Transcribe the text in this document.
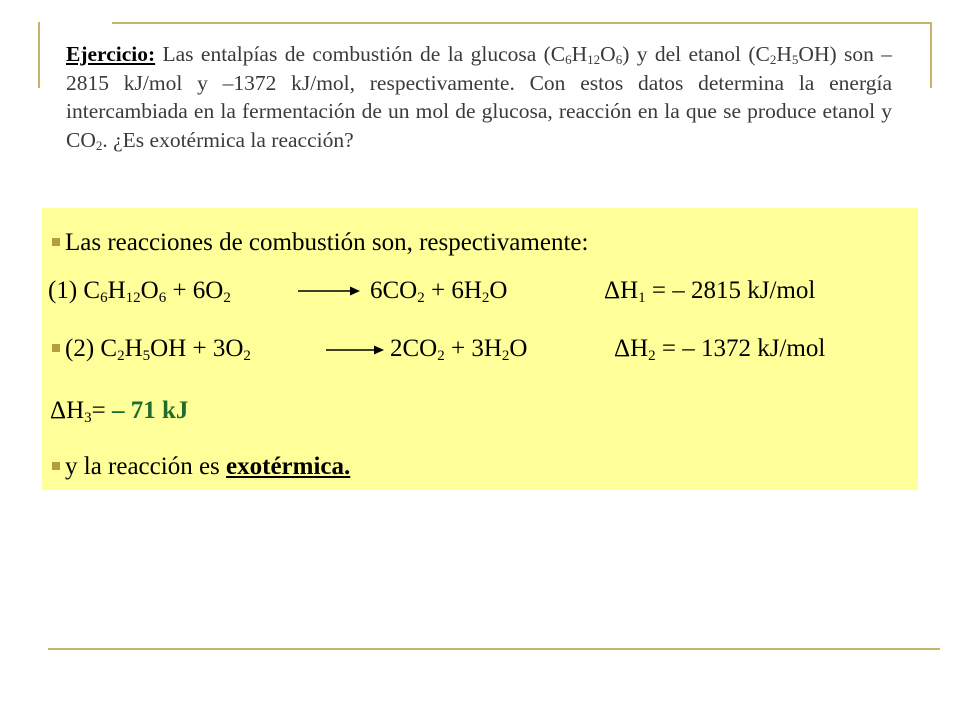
Ejercicio: Las entalpías de combustión de la glucosa $(C_6H_{12}O_6)$ y del etanol $(C_2H_5OH)$ son –2815 kJ/mol y –1372 kJ/mol, respectivamente. Con estos datos determina la energía intercambiada en la fermentación de un mol de glucosa, reacción en la que se produce etanol y $CO_2$. ¿Es exotérmica la reacción?
Las reacciones de combustión son, respectivamente:
(1) $C_6H_{12}O_6 + 6O_2$	→ $6CO_2 + 6H_2O$	$\Delta H_1$ = – 2815 kJ/mol
(2) $C_2H_5OH + 3O_2$	→ $2CO_2 + 3H_2O$	$\Delta H_2$ = – 1372 kJ/mol
$\Delta H_3= - 71$ kJ
y la reacción es exotérmica.
